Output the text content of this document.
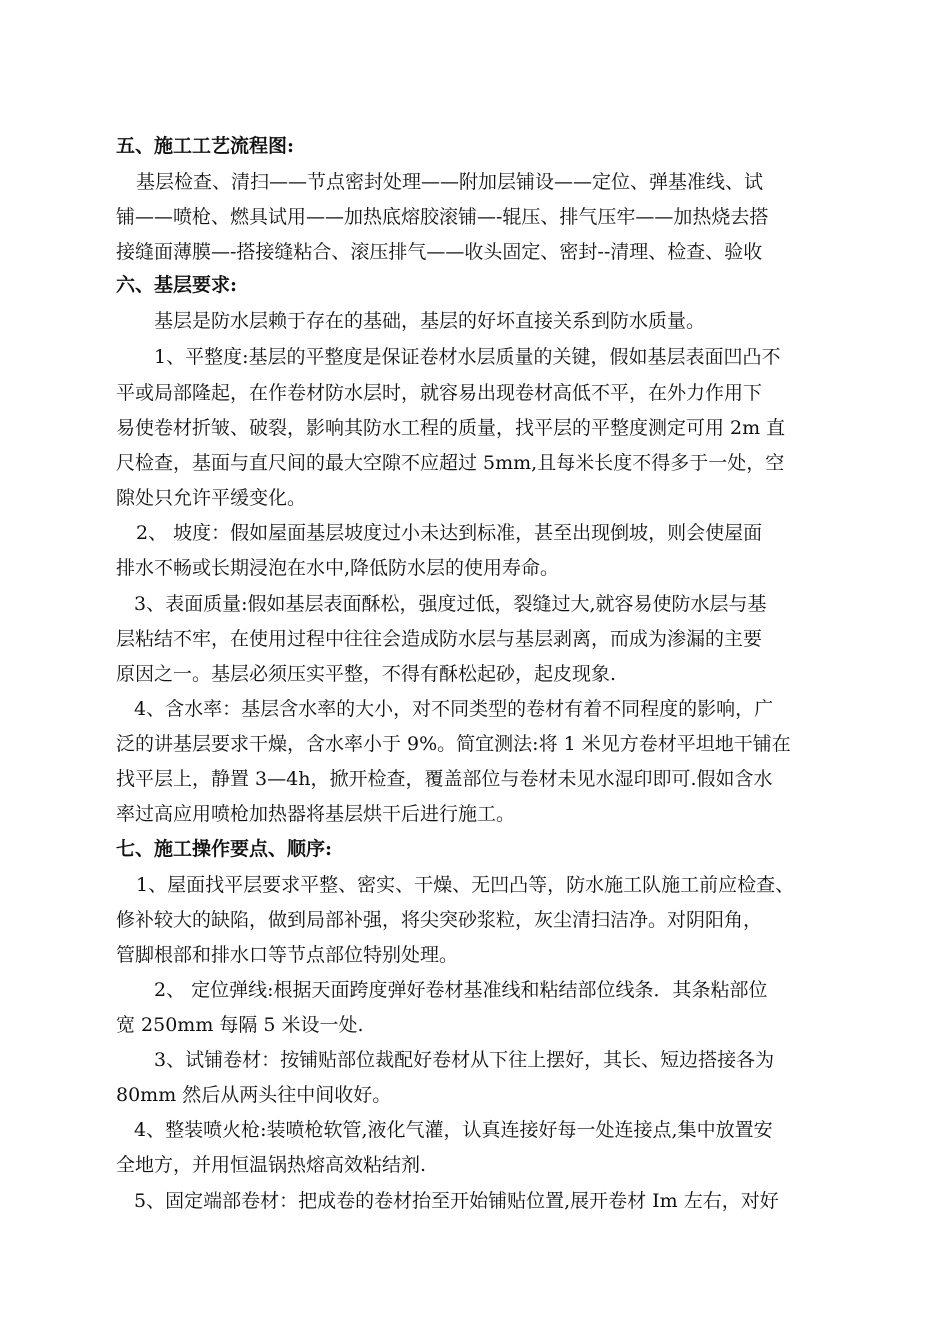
五、施工工艺流程图:
基层检查、清扫——节点密封处理——附加层铺设——定位、弹基准线、试
铺——喷枪、燃具试用——加热底熔胶滚铺—-辊压、排气压牢——加热烧去搭
接缝面薄膜—-搭接缝粘合、滚压排气——收头固定、密封--清理、检查、验收
六、基层要求:
基层是防水层赖于存在的基础，基层的好坏直接关系到防水质量。
1、平整度:基层的平整度是保证卷材水层质量的关键，假如基层表面凹凸不
平或局部隆起，在作卷材防水层时，就容易出现卷材高低不平，在外力作用下
易使卷材折皱、破裂，影响其防水工程的质量，找平层的平整度测定可用 2m 直
尺检查，基面与直尺间的最大空隙不应超过 5mm,且每米长度不得多于一处，空
隙处只允许平缓变化。
2、 坡度：假如屋面基层坡度过小未达到标准，甚至出现倒坡，则会使屋面
排水不畅或长期浸泡在水中,降低防水层的使用寿命。
3、表面质量:假如基层表面酥松，强度过低，裂缝过大,就容易使防水层与基
层粘结不牢，在使用过程中往往会造成防水层与基层剥离，而成为渗漏的主要
原因之一。基层必须压实平整，不得有酥松起砂，起皮现象.
4、含水率：基层含水率的大小，对不同类型的卷材有着不同程度的影响，广
泛的讲基层要求干燥，含水率小于 9%。简宜测法:将 1 米见方卷材平坦地干铺在
找平层上，静置 3—4h，掀开检查，覆盖部位与卷材未见水湿印即可.假如含水
率过高应用喷枪加热器将基层烘干后进行施工。
七、施工操作要点、顺序:
1、屋面找平层要求平整、密实、干燥、无凹凸等，防水施工队施工前应检查、
修补较大的缺陷，做到局部补强，将尖突砂浆粒，灰尘清扫洁净。对阴阳角，
管脚根部和排水口等节点部位特别处理。
2、 定位弹线:根据天面跨度弹好卷材基准线和粘结部位线条．其条粘部位
宽 250mm 每隔 5 米设一处.
3、试铺卷材：按铺贴部位裁配好卷材从下往上摆好，其长、短边搭接各为
80mm 然后从两头往中间收好。
4、整装喷火枪:装喷枪软管,液化气灌，认真连接好每一处连接点,集中放置安
全地方，并用恒温锅热熔高效粘结剂.
5、固定端部卷材：把成卷的卷材抬至开始铺贴位置,展开卷材 Im 左右，对好
